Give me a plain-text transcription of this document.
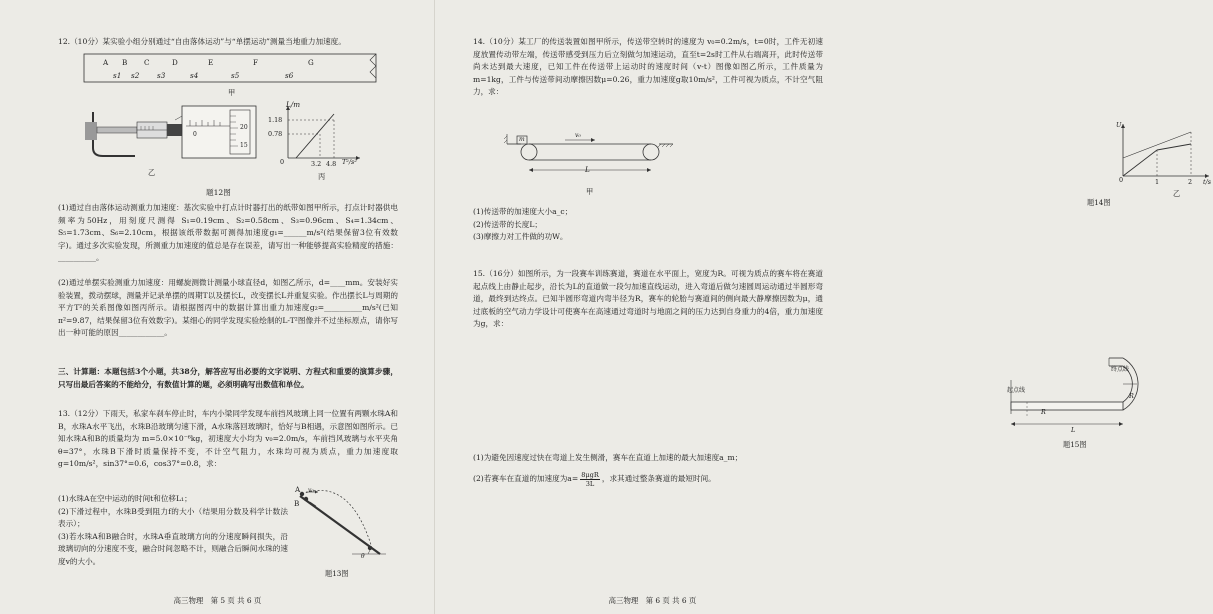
12.（10分）某实验小组分别通过“自由落体运动”与“单摆运动”测量当地重力加速度。

A B C	D	E	F	G
s1 s2 s3	s4	s5	s6
甲
0
20
15
乙
L/m
1.18
0.78
0	3.2 4.8 T²/s²
丙
题12图

(1)通过自由落体运动测重力加速度：基次实验中打点计时器打出的纸带如图甲所示，打点计时器供电频率为50Hz，用刻度尺测得 S₁=0.19cm、S₂=0.58cm、S₃=0.96cm、S₄=1.34cm、S₅=1.73cm、S₆=2.10cm，根据该纸带数据可测得加速度g₁=______m/s²(结果保留3位有效数字)。通过多次实验发现，所测重力加速度的值总是存在误差，请写出一种能够提高实验精度的措施：__________。

(2)通过单摆实验测重力加速度：用螺旋测微计测量小球直径d，如图乙所示，d=____mm。安装好实验装置，拨动摆球，测量并记录单摆的周期T以及摆长L，改变摆长L并重复实验。作出摆长L与周期的平方T²的关系图像如图丙所示。请根据图丙中的数据计算出重力加速度g₂=__________m/s²(已知π²=9.87，结果保留3位有效数字)。某细心的同学发现实验绘制的L-T²图像并不过坐标原点，请你写出一种可能的原因____________。

三、计算题：本题包括3个小题，共38分，解答应写出必要的文字说明、方程式和重要的演算步骤，只写出最后答案的不能给分，有数值计算的题，必须明确写出数值和单位。

13.（12分）下雨天，私家车刹车停止时，车内小梁同学发现车前挡风玻璃上同一位置有两颗水珠A和B，水珠A水平飞出，水珠B沿玻璃匀速下滑，A水珠落回玻璃时，恰好与B相遇，示意图如图所示。已知水珠A和B的质量均为 m=5.0×10⁻⁶kg，初速度大小均为 v₀=2.0m/s，车前挡风玻璃与水平夹角θ=37°，水珠B下滑时质量保持不变，不计空气阻力，水珠均可视为质点，重力加速度取 g=10m/s²，sin37°=0.6，cos37°=0.8，求：

(1)水珠A在空中运动的时间t和位移L₁；

(2)下滑过程中，水珠B受到阻力f的大小（结果用分数及科学计数法表示）；

(3)若水珠A和B融合时，水珠A垂直玻璃方向的分速度瞬间损失，沿玻璃切向的分速度不变，融合时间忽略不计，则融合后瞬间水珠的速度v的大小。

A
B
v₀
θ
题13图
高三物理　第 5 页 共 6 页

14.（10分）某工厂的传送装置如图甲所示，传送带空转时的速度为 v₀=0.2m/s，t=0时，工件无初速度放置传动带左端，传送带感受到压力后立刻做匀加速运动，直至t=2s时工件从右端离开，此时传送带尚未达到最大速度，已知工件在传送带上运动时的速度时间（v-t）图像如图乙所示，工件质量为 m=1kg，工件与传送带间动摩擦因数μ=0.26，重力加速度g取10m/s²，工件可视为质点，不计空气阻力，求：

m
v₀
L
甲
U
0	1	2 t/s
乙
题14图

(1)传送带的加速度大小a_c；

(2)传送带的长度L；

(3)摩擦力对工件做的功W。

15.（16分）如图所示，为一段赛车训练赛道，赛道在水平面上，宽度为R。可视为质点的赛车将在赛道起点线上由静止起步，沿长为L的直道做一段匀加速直线运动，进入弯道后做匀速圆周运动通过半圆形弯道，最终到达终点。已知半圆形弯道内弯半径为R，赛车的轮胎与赛道间的侧向最大静摩擦因数为μ，通过底板的空气动力学设计可使赛车在高速通过弯道时与地面之间的压力达到自身重力的4倍，重力加速度为g，求：

起点线
终点线
R
R
L
题15图

(1)为避免因速度过快在弯道上发生侧滑，赛车在直道上加速的最大加速度a_m；

(2)若赛车在直道的加速度为a= 8μgR
3L
，求其通过整条赛道的最短时间。

高三物理　第 6 页 共 6 页
